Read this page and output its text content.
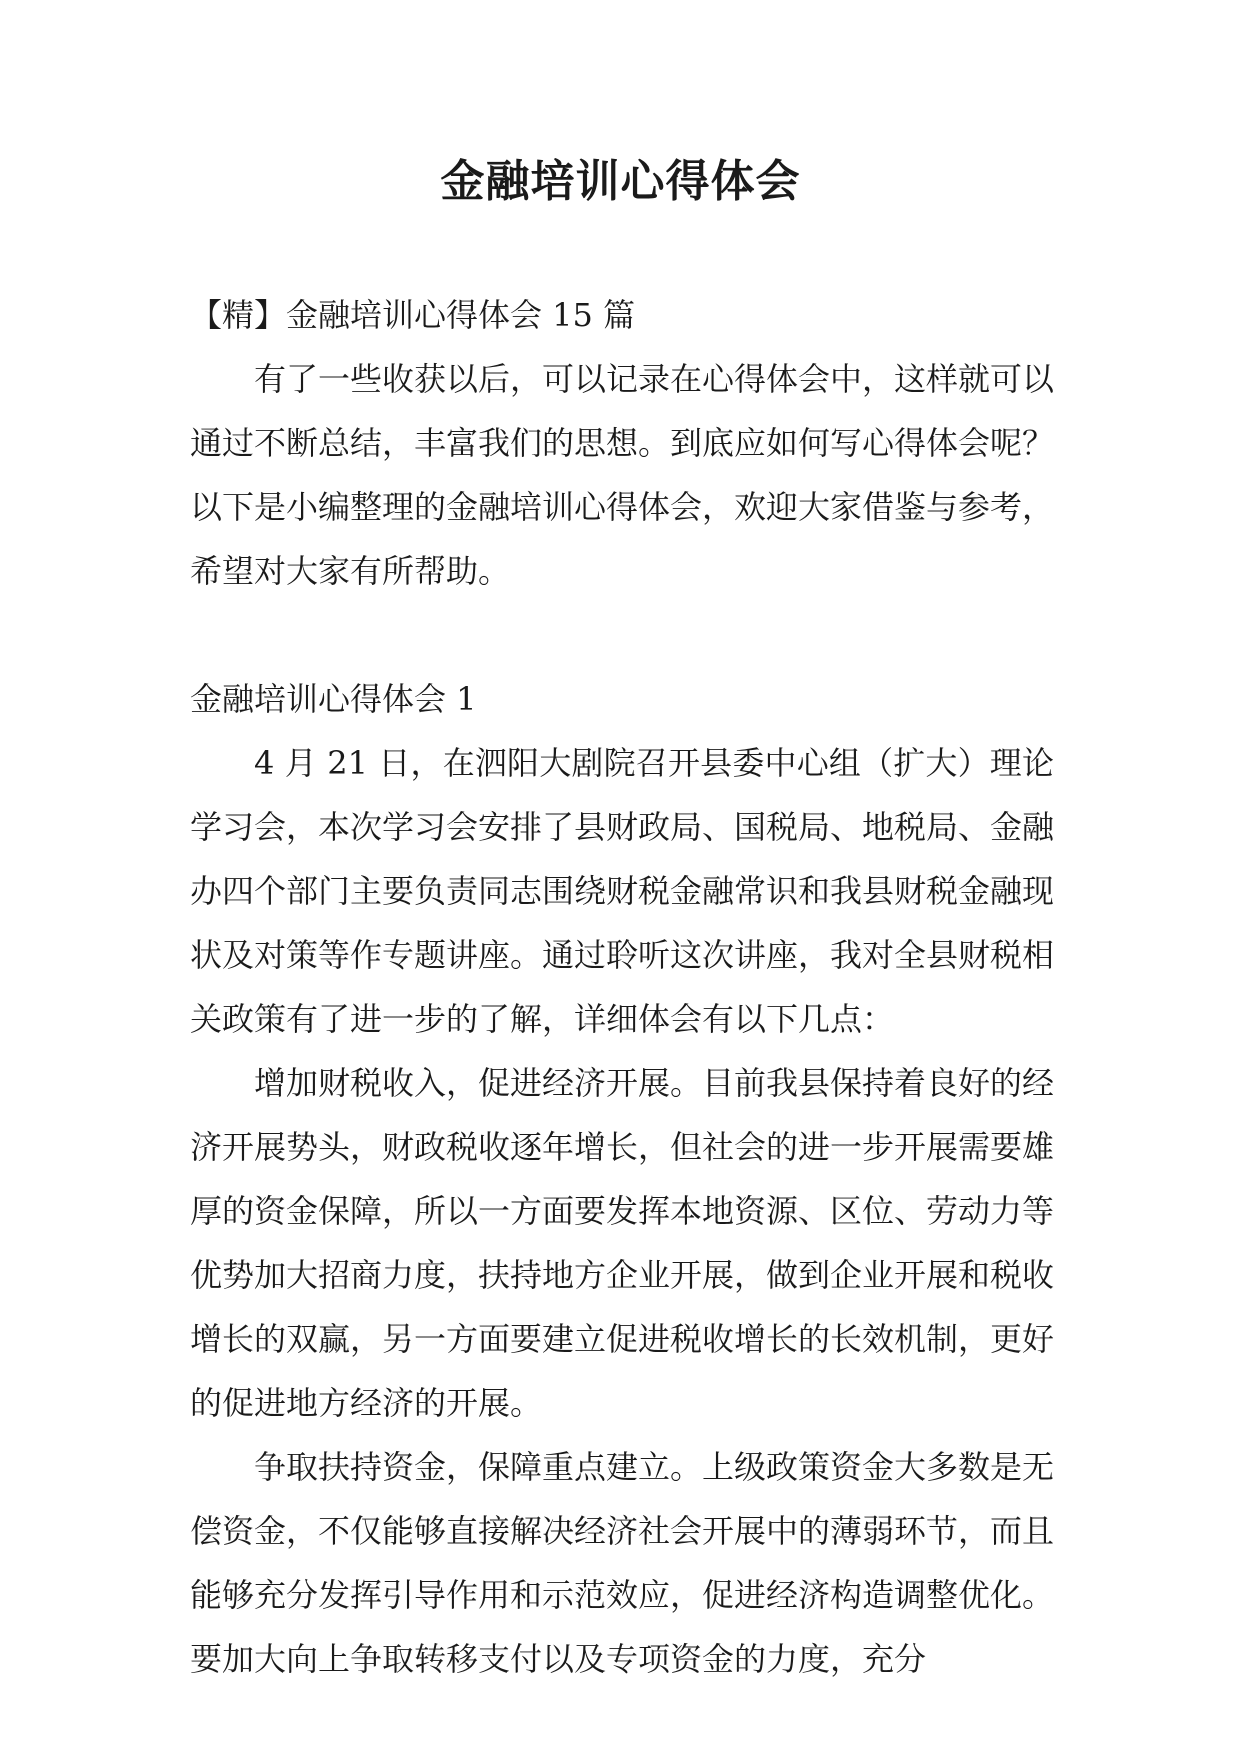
金融培训心得体会

【精】金融培训心得体会 15 篇

有了一些收获以后，可以记录在心得体会中，这样就可以通过不断总结，丰富我们的思想。到底应如何写心得体会呢？以下是小编整理的金融培训心得体会，欢迎大家借鉴与参考，希望对大家有所帮助。

金融培训心得体会 1

4 月 21 日，在泗阳大剧院召开县委中心组（扩大）理论学习会，本次学习会安排了县财政局、国税局、地税局、金融办四个部门主要负责同志围绕财税金融常识和我县财税金融现状及对策等作专题讲座。通过聆听这次讲座，我对全县财税相关政策有了进一步的了解，详细体会有以下几点：

增加财税收入，促进经济开展。目前我县保持着良好的经济开展势头，财政税收逐年增长，但社会的进一步开展需要雄厚的资金保障，所以一方面要发挥本地资源、区位、劳动力等优势加大招商力度，扶持地方企业开展，做到企业开展和税收增长的双赢，另一方面要建立促进税收增长的长效机制，更好的促进地方经济的开展。

争取扶持资金，保障重点建立。上级政策资金大多数是无偿资金，不仅能够直接解决经济社会开展中的薄弱环节，而且能够充分发挥引导作用和示范效应，促进经济构造调整优化。要加大向上争取转移支付以及专项资金的力度，充分
